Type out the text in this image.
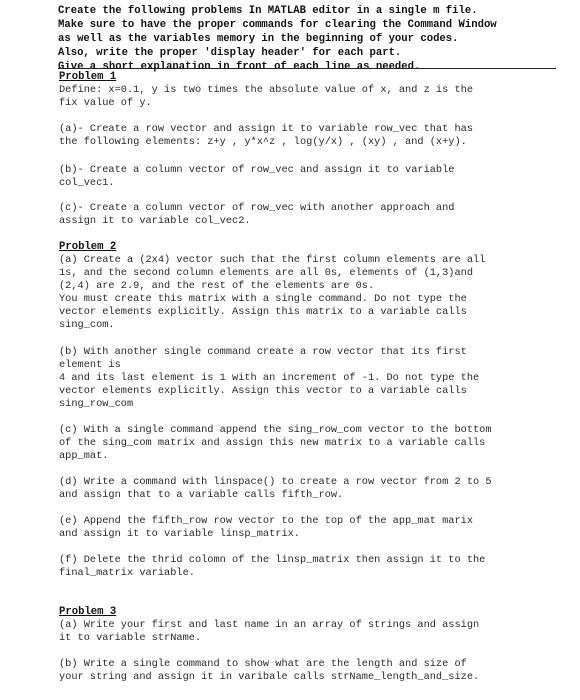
Create the following problems In MATLAB editor in a single m file.
Make sure to have the proper commands for clearing the Command Window
as well as the variables memory in the beginning of your codes.
Also, write the proper 'display header' for each part.
Give a short explanation in front of each line as needed.
Problem 1
Define: x=0.1, y is two times the absolute value of x, and z is the
fix value of y.
(a)- Create a row vector and assign it to variable row_vec that has
the following elements: z+y , y*x^z , log(y/x) , (xy) , and (x+y).
(b)- Create a column vector of row_vec and assign it to variable
col_vec1.
(c)- Create a column vector of row_vec with another approach and
assign it to variable col_vec2.
Problem 2
(a) Create a (2x4) vector such that the first column elements are all
1s, and the second column elements are all 0s, elements of (1,3)and
(2,4) are 2.9, and the rest of the elements are 0s.
You must create this matrix with a single command. Do not type the
vector elements explicitly. Assign this matrix to a variable calls
sing_com.
(b) With another single command create a row vector that its first
element is
4 and its last element is 1 with an increment of -1. Do not type the
vector elements explicitly. Assign this vector to a variable calls
sing_row_com
(c) With a single command append the sing_row_com vector to the bottom
of the sing_com matrix and assign this new matrix to a variable calls
app_mat.
(d) Write a command with linspace() to create a row vector from 2 to 5
and assign that to a variable calls fifth_row.
(e) Append the fifth_row row vector to the top of the app_mat marix
and assign it to variable linsp_matrix.
(f) Delete the thrid colomn of the linsp_matrix then assign it to the
final_matrix variable.
Problem 3
(a) Write your first and last name in an array of strings and assign
it to variable strName.
(b) Write a single command to show what are the length and size of
your string and assign it in varibale calls strName_length_and_size.
